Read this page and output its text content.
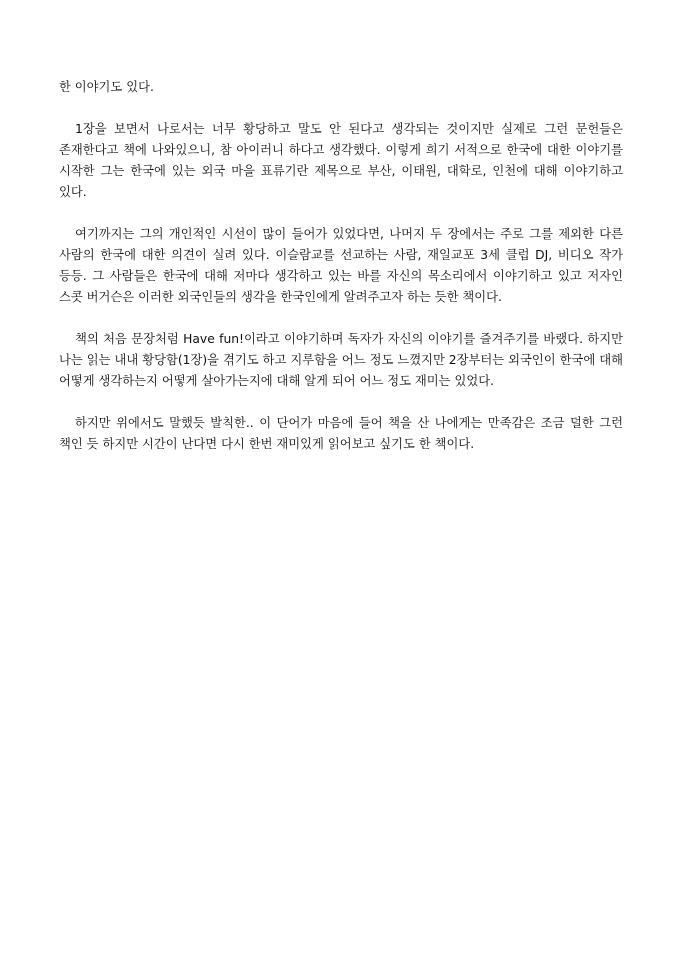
한 이야기도 있다.

1장을 보면서 나로서는 너무 황당하고 말도 안 된다고 생각되는 것이지만 실제로 그런 문헌들은 존재한다고 책에 나와있으니, 참 아이러니 하다고 생각했다. 이렇게 희기 서적으로 한국에 대한 이야기를 시작한 그는 한국에 있는 외국 마을 표류기란 제목으로 부산, 이태원, 대학로, 인천에 대해 이야기하고 있다.

여기까지는 그의 개인적인 시선이 많이 들어가 있었다면, 나머지 두 장에서는 주로 그를 제외한 다른 사람의 한국에 대한 의견이 실려 있다. 이슬람교를 선교하는 사람, 재일교포 3세 클럽 DJ, 비디오 작가 등등. 그 사람들은 한국에 대해 저마다 생각하고 있는 바를 자신의 목소리에서 이야기하고 있고 저자인 스콧 버거슨은 이러한 외국인들의 생각을 한국인에게 알려주고자 하는 듯한 책이다.

책의 처음 문장처럼 Have fun!이라고 이야기하며 독자가 자신의 이야기를 즐겨주기를 바랬다. 하지만 나는 읽는 내내 황당함(1장)을 겪기도 하고 지루함을 어느 정도 느꼈지만 2장부터는 외국인이 한국에 대해 어떻게 생각하는지 어떻게 살아가는지에 대해 알게 되어 어느 정도 재미는 있었다.

하지만 위에서도 말했듯 발칙한.. 이 단어가 마음에 들어 책을 산 나에게는 만족감은 조금 덜한 그런 책인 듯 하지만 시간이 난다면 다시 한번 재미있게 읽어보고 싶기도 한 책이다.
